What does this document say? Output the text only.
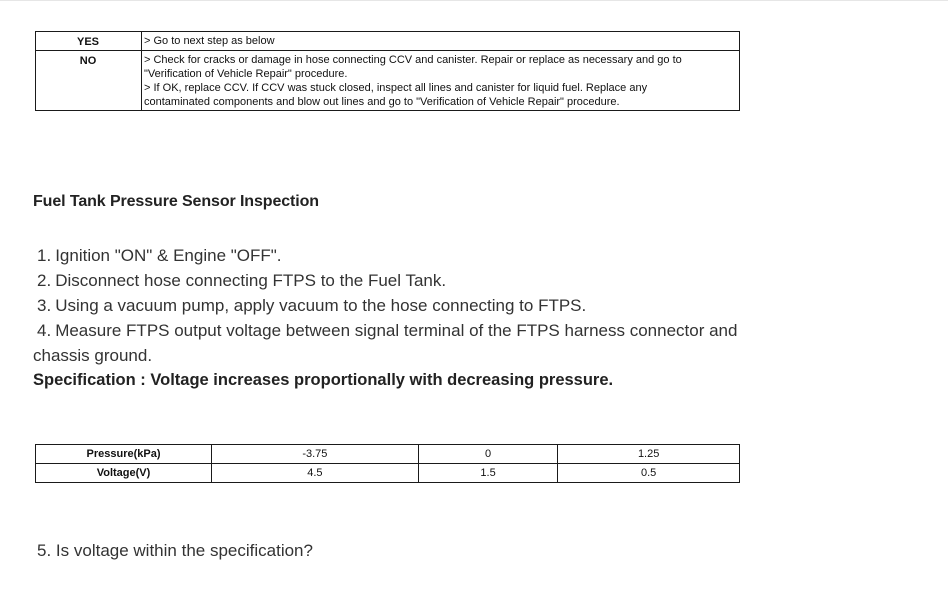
YES	> Go to next step as below

NO	> Check for cracks or damage in hose connecting CCV and canister. Repair or replace as necessary and go to
"Verification of Vehicle Repair" procedure.
> If OK, replace CCV. If CCV was stuck closed, inspect all lines and canister for liquid fuel. Replace any
contaminated components and blow out lines and go to "Verification of Vehicle Repair" procedure.
Fuel Tank Pressure Sensor Inspection
1. Ignition "ON" & Engine "OFF".
2. Disconnect hose connecting FTPS to the Fuel Tank.
3. Using a vacuum pump, apply vacuum to the hose connecting to FTPS.
4. Measure FTPS output voltage between signal terminal of the FTPS harness connector and
chassis ground.
Specification : Voltage increases proportionally with decreasing pressure.
Pressure(kPa)	-3.75	0	1.25
Voltage(V)	4.5	1.5	0.5
5. Is voltage within the specification?
